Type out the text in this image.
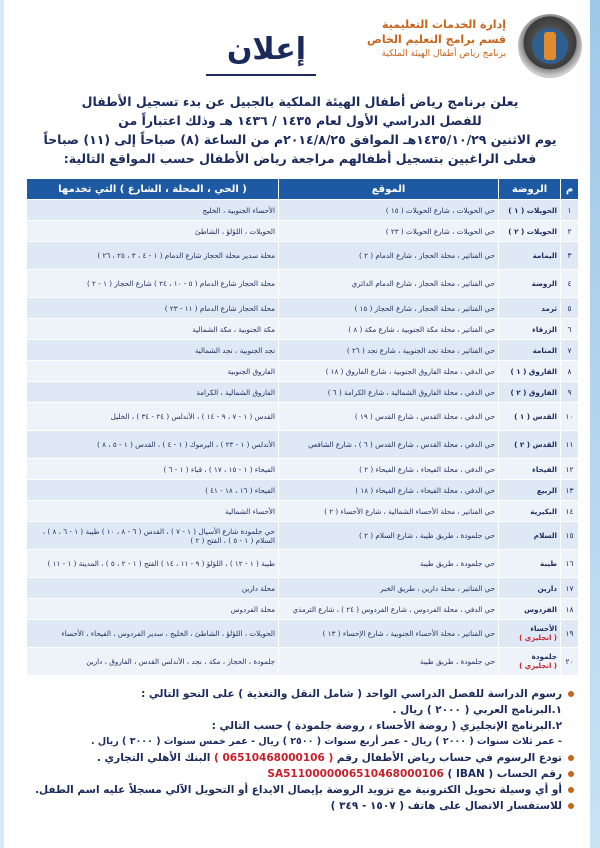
إدارة الخدمات التعليمية
قسم برامج التعليم الخاص
برنامج رياض أطفال الهيئة الملكية
إعلان
يعلن برنامج رياض أطفال الهيئة الملكية بالجبيل عن بدء تسجيل الأطفال
للفصل الدراسي الأول لعام ١٤٣٥ / ١٤٣٦ هـ وذلك اعتباراً من
يوم الاثنين ١٤٣٥/١٠/٢٩هـ الموافق ٢٠١٤/٨/٢٥م من الساعة (٨) صباحاً إلى (١١) صباحاً
فعلى الراغبين بتسجيل أطفالهم مراجعة رياض الأطفال حسب المواقع التالية:
م	الروضة	الموقع	( الحي ، المحلة ، الشارع ) التي تخدمها
١	الحويلات ( ١ )	حي الحويلات ، شارع الحويلات ( ١٥ )	الأحساء الجنوبية ، الخليج
٢	الحويلات ( ٢ )	حي الحويلات ، شارع الحويلات ( ٢٣ )	الحويلات ، اللؤلؤ ، الشاطئ
٣	اليمامة	حي الفناتير ، محلة الحجاز ، شارع الدمام ( ٢ )	محلة سدير محلة الحجاز شارع الدمام ( ١ - ٤ ، ٣ ، ٢٥ ، ٢٦ )
٤	الروضة	حي الفناتير ، محلة الحجاز ، شارع الدمام الدائري	محلة الحجاز شارع الدمام ( ٥ - ١٠ ، ٢٤ ) شارع الحجاز ( ١ - ٢ )
٥	ثرمد	حي الفناتير ، محلة الحجاز ، شارع الحجاز ( ١٥ )	محلة الحجاز شارع الدمام ( ١١ - ٢٣ )
٦	الزرقاء	حي الفناتير ، محلة مكة الجنوبية ، شارع مكة ( ٨ )	مكة الجنوبية ، مكة الشمالية
٧	المنامة	حي الفناتير ، محلة نجد الجنوبية ، شارع نجد ( ٢٦ )	نجد الجنوبية ، نجد الشمالية
٨	الفاروق ( ١ )	حي الدفي ، محلة الفاروق الجنوبية ، شارع الفاروق ( ١٨ )	الفاروق الجنوبية
٩	الفاروق ( ٢ )	حي الدفي ، محلة الفاروق الشمالية ، شارع الكرامة ( ٦ )	الفاروق الشمالية ، الكرامة
١٠	القدس ( ١ )	حي الدفي ، محلة القدس ، شارع القدس ( ١٩ )	القدس ( ١ - ٧ ، ٩ - ١٤ ) ، الأندلس ( ٢٤ - ٣٤ ) ، الخليل
١١	القدس ( ٢ )	حي الدفي ، محلة القدس ، شارع القدس ( ٦ ) ، شارع الشافعي	الأندلس ( ١ - ٢٣ ) ، اليرموك ( ١ - ٤ ) ، القدس ( ١ - ٥ ، ٨ )
١٢	الفيحاء	حي الدفي ، محلة الفيحاء ، شارع الفيحاء ( ٢ )	الفيحاء ( ١ - ١٥ ، ١٧ ) ، قباء ( ١ - ٦ )
١٣	الربيع	حي الدفي ، محلة الفيحاء ، شارع الفيحاء ( ١٨ )	الفيحاء ( ١٦ ، ١٨ - ٤١ )
١٤	البكيرية	حي الفناتير ، محلة الأحساء الشمالية ، شارع الأحساء ( ٢ )	الأحساء الشمالية
١٥	السلام	حي جلمودة ، طريق طيبة ، شارع السلام ( ٢ )	حي جلمودة شارع الأسيال ( ١ - ٧ ) ، القدس ( ٦ - ٨ ، ١٠ ) طيبة ( ١ - ٦ ، ٨ ) ، السلام ( ١ - ٥ ) ، الفتح ( ٢ )
١٦	طيبة	حي جلمودة ، طريق طيبة	طيبة ( ١ - ١٢ ) ، اللؤلؤ ( ٩ - ١١ ، ١٤ ) الفتح ( ١ - ٢ ، ٥ ) ، المدينة ( ١ - ١١ )
١٧	دارين	حي الفناتير ، محلة دارين ، طريق الخبر	محلة دارين
١٨	الفردوس	حي الدفي ، محلة الفردوس ، شارع الفردوس ( ٢٤ ) ، شارع الترمذي	محلة الفردوس
١٩	الأحساء
( انجليزي )	حي الفناتير ، محلة الأحساء الجنوبية ، شارع الإحساء ( ١٣ )	الحويلات ، اللؤلؤ ، الشاطئ ، الخليج ، سدير الفردوس ، الفيحاء ، الأحساء
٢٠	جلمودة
( انجليزي )	حي جلمودة ، طريق طيبة	جلمودة ، الحجاز ، مكة ، نجد ، الأندلس القدس ، الفاروق ، دارين
رسوم الدراسة للفصل الدراسي الواحد ( شامل النقل والتغذية ) على النحو التالي :
١.البرنامج العربي ( ٢٠٠٠ ) ريال .
٢.البرنامج الإنجليزي ( روضة الأحساء ، روضة جلمودة ) حسب التالي :
- عمر ثلاث سنوات ( ٢٠٠٠ ) ريال - عمر أربع سنوات ( ٢٥٠٠ ) ريال - عمر خمس سنوات ( ٣٠٠٠ ) ريال .
تودع الرسوم في حساب رياض الأطفال رقم ( 06510468000106 ) البنك الأهلي التجاري .
رقم الحساب ( IBAN ) SA5110000006510468000106
أو أي وسيلة تحويل الكترونية مع تزويد الروضة بإيصال الايداع أو التحويل الآلي مسجلاً عليه اسم الطفل.
للاستفسار الاتصال على هاتف ( ١٥٠٧ - ٣٤٩ )
